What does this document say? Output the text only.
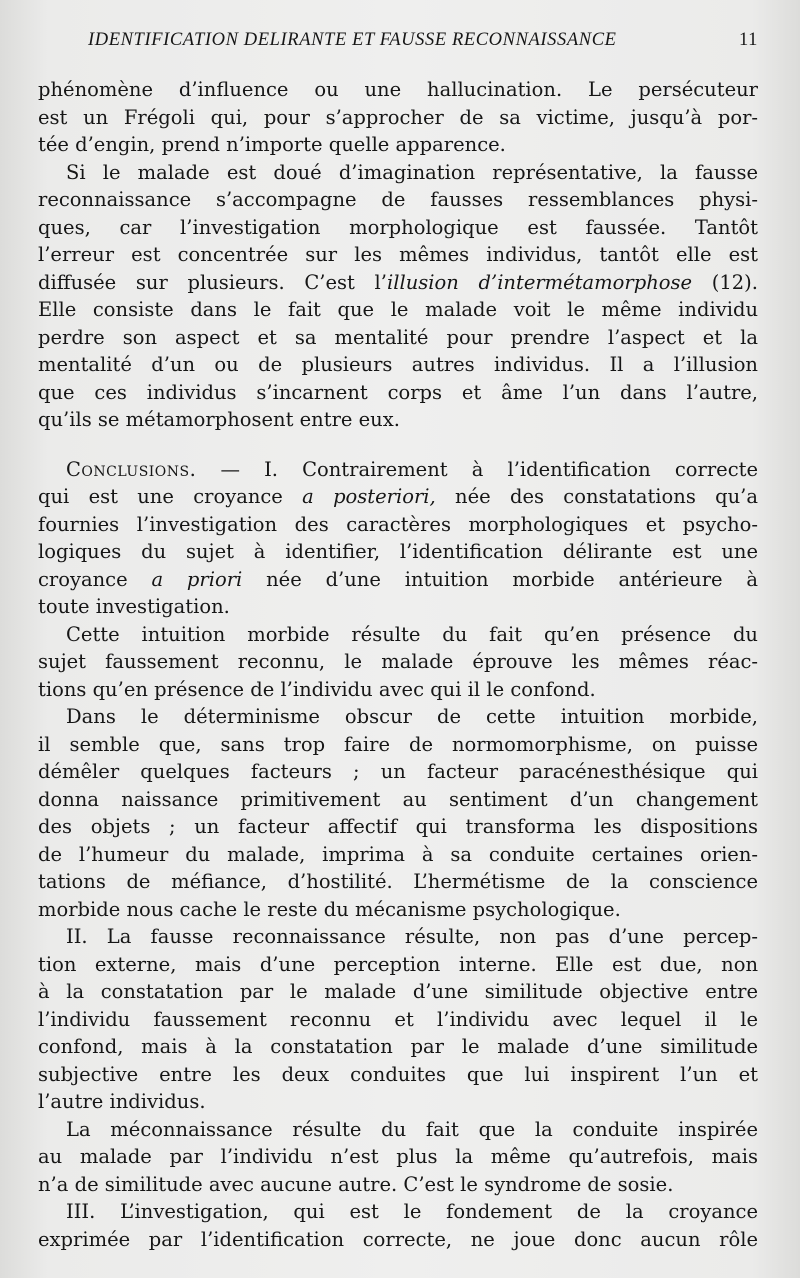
IDENTIFICATION DELIRANTE ET FAUSSE RECONNAISSANCE	11
phénomène d’influence ou une hallucination. Le persécuteur
est un Frégoli qui, pour s’approcher de sa victime, jusqu’à por-
tée d’engin, prend n’importe quelle apparence.
Si le malade est doué d’imagination représentative, la fausse
reconnaissance s’accompagne de fausses ressemblances physi-
ques, car l’investigation morphologique est faussée. Tantôt
l’erreur est concentrée sur les mêmes individus, tantôt elle est
diffusée sur plusieurs. C’est l’illusion d’intermétamorphose (12).
Elle consiste dans le fait que le malade voit le même individu
perdre son aspect et sa mentalité pour prendre l’aspect et la
mentalité d’un ou de plusieurs autres individus. Il a l’illusion
que ces individus s’incarnent corps et âme l’un dans l’autre,
qu’ils se métamorphosent entre eux.
Conclusions. — I. Contrairement à l’identification correcte
qui est une croyance a posteriori, née des constatations qu’a
fournies l’investigation des caractères morphologiques et psycho-
logiques du sujet à identifier, l’identification délirante est une
croyance a priori née d’une intuition morbide antérieure à
toute investigation.
Cette intuition morbide résulte du fait qu’en présence du
sujet faussement reconnu, le malade éprouve les mêmes réac-
tions qu’en présence de l’individu avec qui il le confond.
Dans le déterminisme obscur de cette intuition morbide,
il semble que, sans trop faire de normomorphisme, on puisse
démêler quelques facteurs ; un facteur paracénesthésique qui
donna naissance primitivement au sentiment d’un changement
des objets ; un facteur affectif qui transforma les dispositions
de l’humeur du malade, imprima à sa conduite certaines orien-
tations de méfiance, d’hostilité. L’hermétisme de la conscience
morbide nous cache le reste du mécanisme psychologique.
II. La fausse reconnaissance résulte, non pas d’une percep-
tion externe, mais d’une perception interne. Elle est due, non
à la constatation par le malade d’une similitude objective entre
l’individu faussement reconnu et l’individu avec lequel il le
confond, mais à la constatation par le malade d’une similitude
subjective entre les deux conduites que lui inspirent l’un et
l’autre individus.
La méconnaissance résulte du fait que la conduite inspirée
au malade par l’individu n’est plus la même qu’autrefois, mais
n’a de similitude avec aucune autre. C’est le syndrome de sosie.
III. L’investigation, qui est le fondement de la croyance
exprimée par l’identification correcte, ne joue donc aucun rôle
